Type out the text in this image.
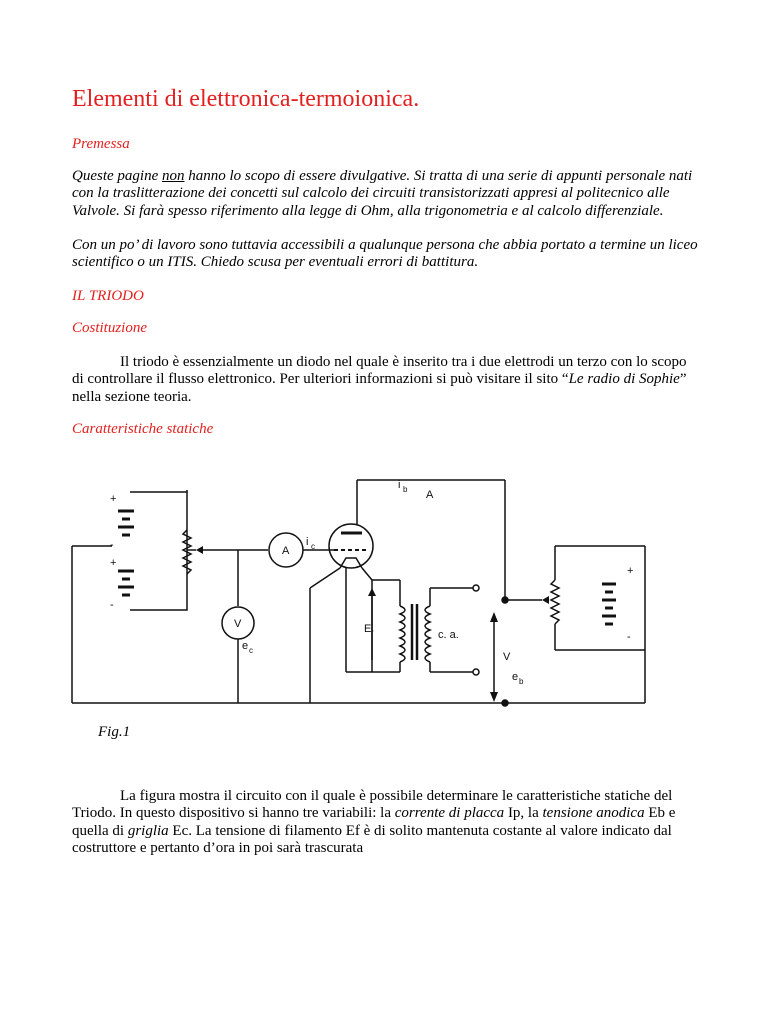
Elementi di elettronica-termoionica.
Premessa
Queste pagine non hanno lo scopo di essere divulgative. Si tratta di una serie di appunti personale nati con la traslitterazione dei concetti sul calcolo dei circuiti transistorizzati appresi al politecnico alle Valvole. Si farà spesso riferimento alla legge di Ohm, alla trigonometria e al calcolo differenziale.
Con un po’ di lavoro sono tuttavia accessibili a qualunque persona che abbia portato a termine un liceo scientifico o un ITIS. Chiedo scusa per eventuali errori di battitura.
IL TRIODO
Costituzione
Il triodo è essenzialmente un diodo nel quale è inserito tra i due elettrodi un terzo con lo scopo di controllare il flusso elettronico. Per ulteriori informazioni si può visitare il sito “Le radio di Sophie” nella sezione teoria.
Caratteristiche statiche
+
-
+
-
A
i c
V
e c
i b A
E f	c. a.
V
e b
+
-
Fig.1
La figura mostra il circuito con il quale è possibile determinare le caratteristiche statiche del Triodo. In questo dispositivo si hanno tre variabili: la corrente di placca Ip, la tensione anodica Eb e quella di griglia Ec. La tensione di filamento Ef è di solito mantenuta costante al valore indicato dal costruttore e pertanto d’ora in poi sarà trascurata
